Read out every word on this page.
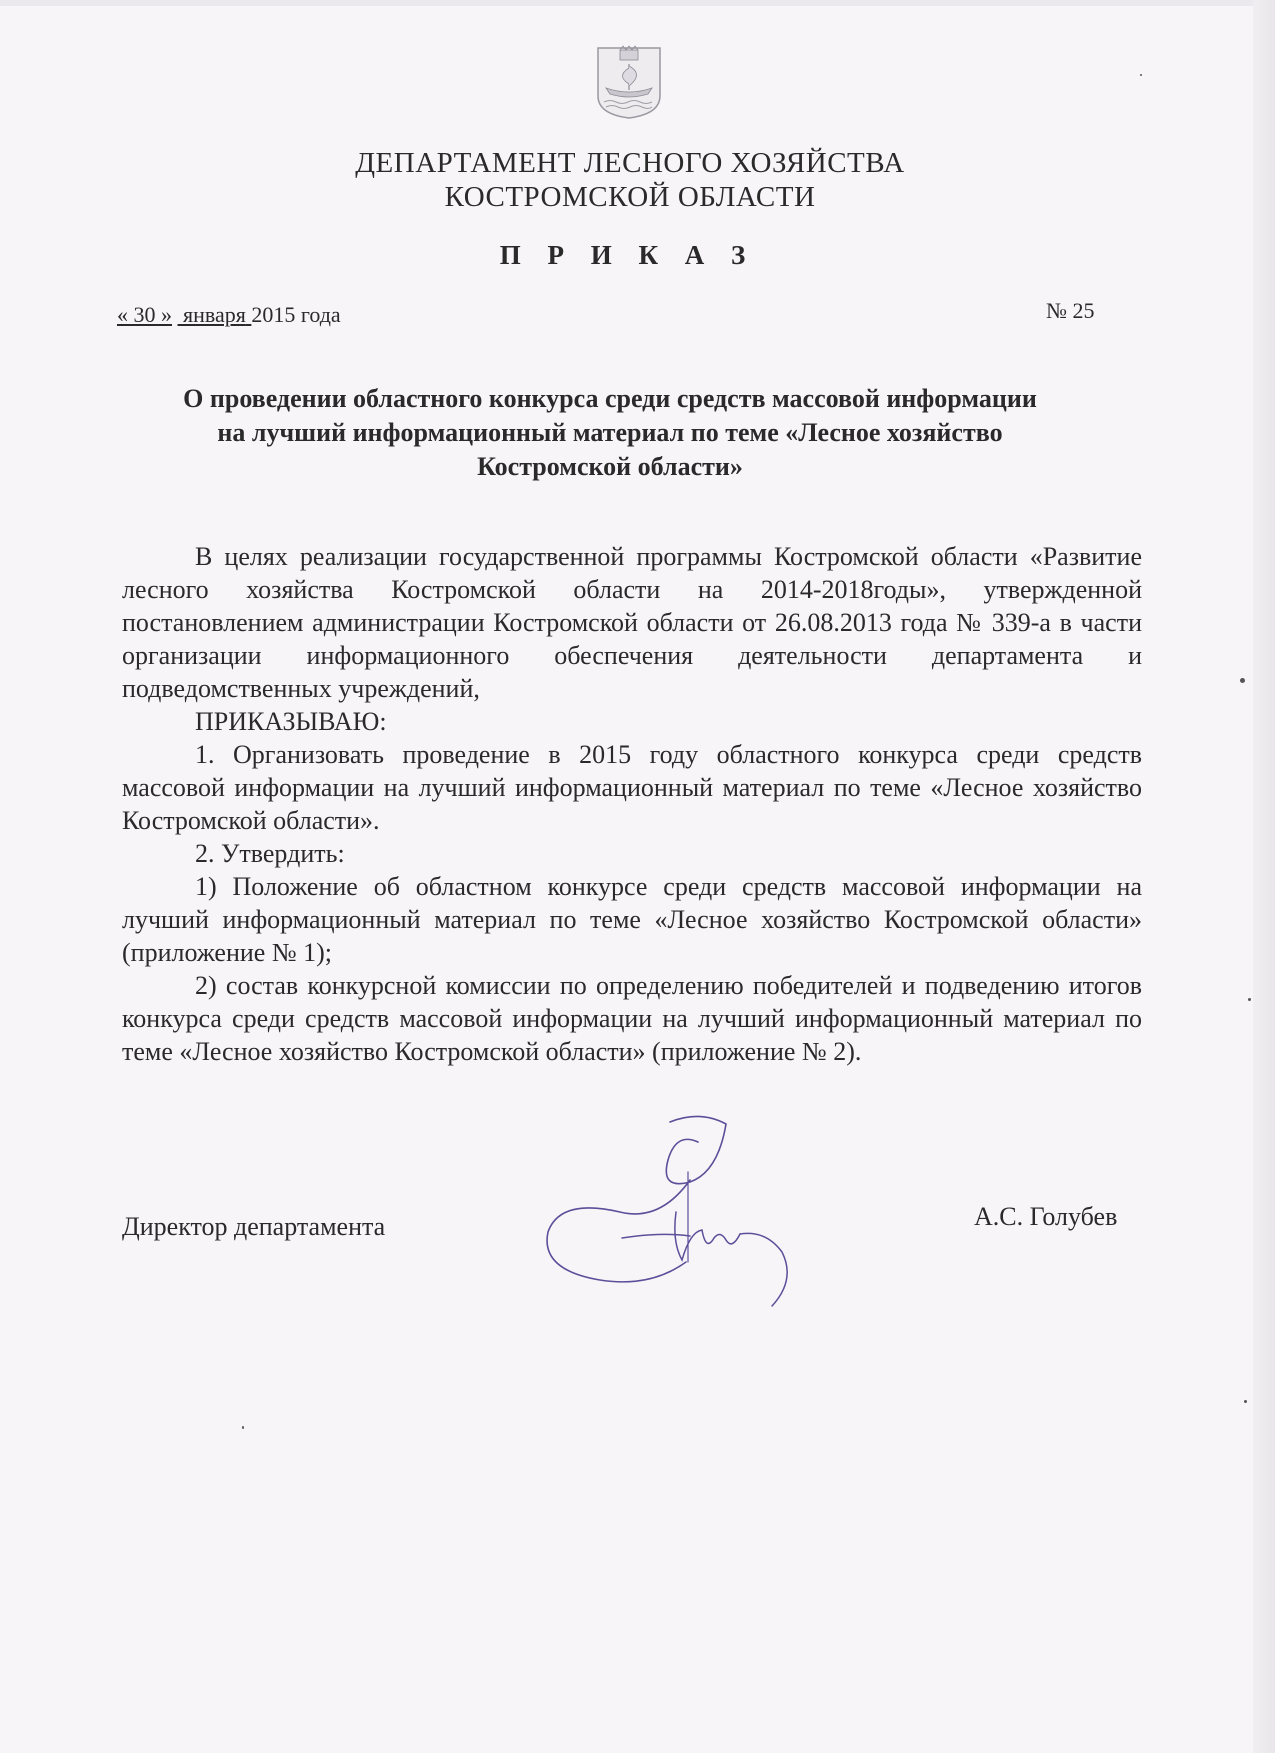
ДЕПАРТАМЕНТ ЛЕСНОГО ХОЗЯЙСТВА
КОСТРОМСКОЙ ОБЛАСТИ
П Р И К А З
« 30 » января 2015 года	№ 25
О проведении областного конкурса среди средств массовой информации
на лучший информационный материал по теме «Лесное хозяйство
Костромской области»

В целях реализации государственной программы Костромской области «Развитие лесного хозяйства Костромской области на 2014-2018годы», утвержденной постановлением администрации Костромской области от 26.08.2013 года № 339-а в части организации информационного обеспечения деятельности департамента и подведомственных учреждений,

ПРИКАЗЫВАЮ:

1. Организовать проведение в 2015 году областного конкурса среди средств массовой информации на лучший информационный материал по теме «Лесное хозяйство Костромской области».

2. Утвердить:

1) Положение об областном конкурсе среди средств массовой информации на лучший информационный материал по теме «Лесное хозяйство Костромской области» (приложение № 1);

2) состав конкурсной комиссии по определению победителей и подведению итогов конкурса среди средств массовой информации на лучший информационный материал по теме «Лесное хозяйство Костромской области» (приложение № 2).

Директор департамента	А.С. Голубев
